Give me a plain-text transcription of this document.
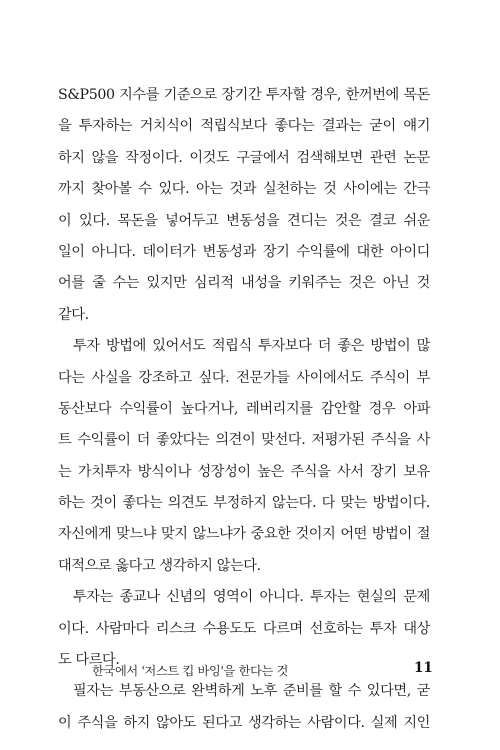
S&P500 지수를 기준으로 장기간 투자할 경우, 한꺼번에 목돈
을 투자하는 거치식이 적립식보다 좋다는 결과는 굳이 얘기
하지 않을 작정이다. 이것도 구글에서 검색해보면 관련 논문
까지 찾아볼 수 있다. 아는 것과 실천하는 것 사이에는 간극
이 있다. 목돈을 넣어두고 변동성을 견디는 것은 결코 쉬운
일이 아니다. 데이터가 변동성과 장기 수익률에 대한 아이디
어를 줄 수는 있지만 심리적 내성을 키워주는 것은 아닌 것
같다.
투자 방법에 있어서도 적립식 투자보다 더 좋은 방법이 많
다는 사실을 강조하고 싶다. 전문가들 사이에서도 주식이 부
동산보다 수익률이 높다거나, 레버리지를 감안할 경우 아파
트 수익률이 더 좋았다는 의견이 맞선다. 저평가된 주식을 사
는 가치투자 방식이나 성장성이 높은 주식을 사서 장기 보유
하는 것이 좋다는 의견도 부정하지 않는다. 다 맞는 방법이다.
자신에게 맞느냐 맞지 않느냐가 중요한 것이지 어떤 방법이 절
대적으로 옳다고 생각하지 않는다.
투자는 종교나 신념의 영역이 아니다. 투자는 현실의 문제
이다. 사람마다 리스크 수용도도 다르며 선호하는 투자 대상
도 다르다.
필자는 부동산으로 완벽하게 노후 준비를 할 수 있다면, 굳
이 주식을 하지 않아도 된다고 생각하는 사람이다. 실제 지인
한국에서 '저스트 킵 바잉'을 한다는 것	11
